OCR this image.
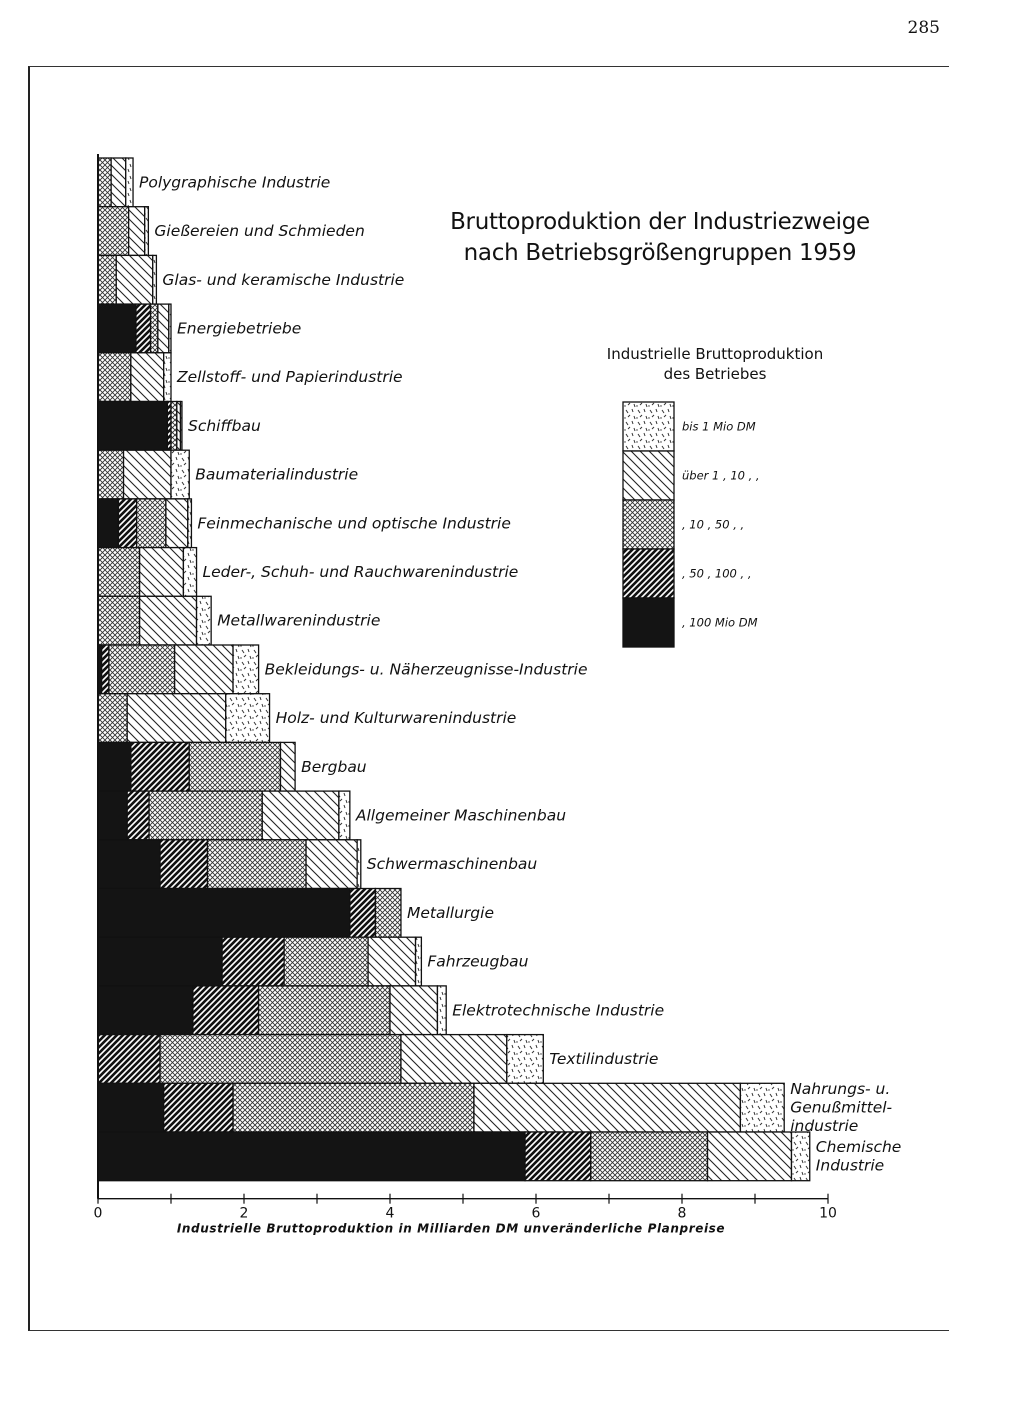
285
Bruttoproduktion der Industriezweige
nach Betriebsgrößengruppen 1959
Industrielle Bruttoproduktion
des Betriebes
Polygraphische Industrie
Gießereien und Schmieden
Glas- und keramische Industrie
Energiebetriebe
Zellstoff- und Papierindustrie
Schiffbau
Baumaterialindustrie
Feinmechanische und optische Industrie
Leder-, Schuh- und Rauchwarenindustrie
Metallwarenindustrie
Bekleidungs- u. Näherzeugnisse-Industrie
Holz- und Kulturwarenindustrie
Bergbau
Allgemeiner Maschinenbau
Schwermaschinenbau
Metallurgie
Fahrzeugbau
Elektrotechnische Industrie
Textilindustrie
Nahrungs- u. Genußmittel-industrie
Chemische Industrie
0	2	4	6	8	10
Industrielle Bruttoproduktion in Milliarden DM unveränderliche Planpreise
bis 1 Mio DM
über 1 ‚ 10 ‚ ‚
‚ 10 ‚ 50 ‚ ‚
‚ 50 ‚ 100 ‚ ‚
‚ 100 Mio DM
